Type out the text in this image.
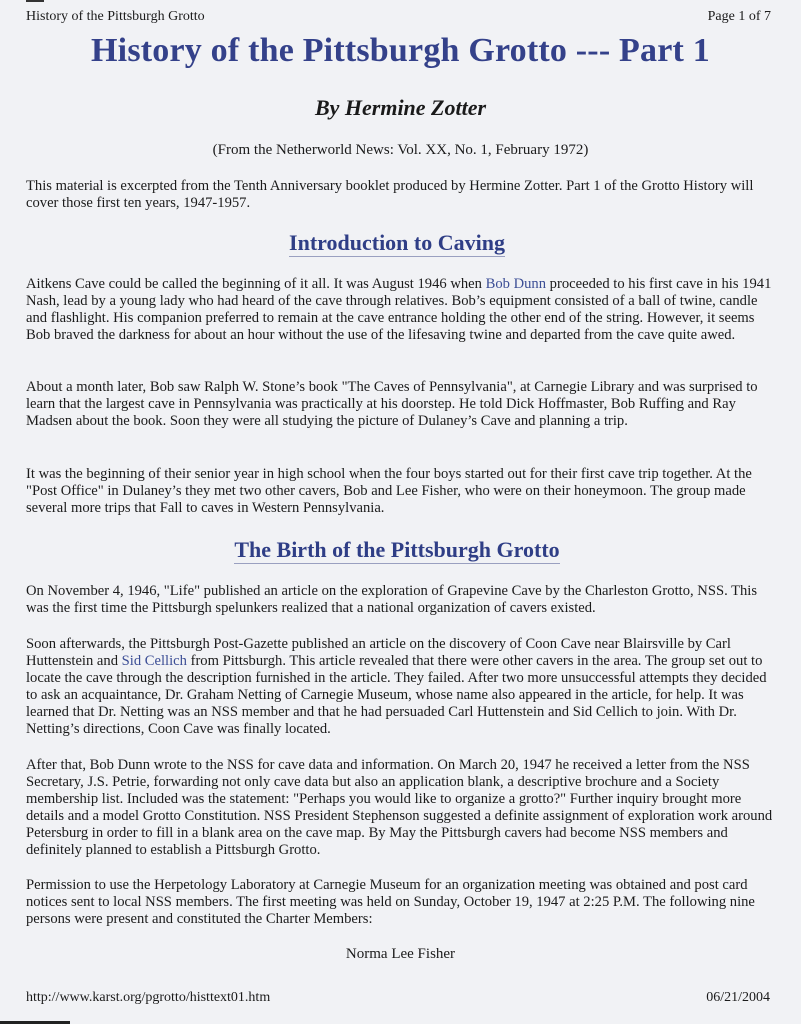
History of the Pittsburgh Grotto	Page 1 of 7
History of the Pittsburgh Grotto --- Part 1
By Hermine Zotter
(From the Netherworld News: Vol. XX, No. 1, February 1972)

This material is excerpted from the Tenth Anniversary booklet produced by Hermine Zotter. Part 1 of the Grotto History will cover those first ten years, 1947-1957.

Introduction to Caving

Aitkens Cave could be called the beginning of it all. It was August 1946 when Bob Dunn proceeded to his first cave in his 1941 Nash, lead by a young lady who had heard of the cave through relatives. Bob’s equipment consisted of a ball of twine, candle and flashlight. His companion preferred to remain at the cave entrance holding the other end of the string. However, it seems Bob braved the darkness for about an hour without the use of the lifesaving twine and departed from the cave quite awed.

About a month later, Bob saw Ralph W. Stone’s book "The Caves of Pennsylvania", at Carnegie Library and was surprised to learn that the largest cave in Pennsylvania was practically at his doorstep. He told Dick Hoffmaster, Bob Ruffing and Ray Madsen about the book. Soon they were all studying the picture of Dulaney’s Cave and planning a trip.

It was the beginning of their senior year in high school when the four boys started out for their first cave trip together. At the "Post Office" in Dulaney’s they met two other cavers, Bob and Lee Fisher, who were on their honeymoon. The group made several more trips that Fall to caves in Western Pennsylvania.

The Birth of the Pittsburgh Grotto

On November 4, 1946, "Life" published an article on the exploration of Grapevine Cave by the Charleston Grotto, NSS. This was the first time the Pittsburgh spelunkers realized that a national organization of cavers existed.

Soon afterwards, the Pittsburgh Post-Gazette published an article on the discovery of Coon Cave near Blairsville by Carl Huttenstein and Sid Cellich from Pittsburgh. This article revealed that there were other cavers in the area. The group set out to locate the cave through the description furnished in the article. They failed. After two more unsuccessful attempts they decided to ask an acquaintance, Dr. Graham Netting of Carnegie Museum, whose name also appeared in the article, for help. It was learned that Dr. Netting was an NSS member and that he had persuaded Carl Huttenstein and Sid Cellich to join. With Dr. Netting’s directions, Coon Cave was finally located.

After that, Bob Dunn wrote to the NSS for cave data and information. On March 20, 1947 he received a letter from the NSS Secretary, J.S. Petrie, forwarding not only cave data but also an application blank, a descriptive brochure and a Society membership list. Included was the statement: "Perhaps you would like to organize a grotto?" Further inquiry brought more details and a model Grotto Constitution. NSS President Stephenson suggested a definite assignment of exploration work around Petersburg in order to fill in a blank area on the cave map. By May the Pittsburgh cavers had become NSS members and definitely planned to establish a Pittsburgh Grotto.

Permission to use the Herpetology Laboratory at Carnegie Museum for an organization meeting was obtained and post card notices sent to local NSS members. The first meeting was held on Sunday, October 19, 1947 at 2:25 P.M. The following nine persons were present and constituted the Charter Members:

Norma Lee Fisher
http://www.karst.org/pgrotto/histtext01.htm	06/21/2004
